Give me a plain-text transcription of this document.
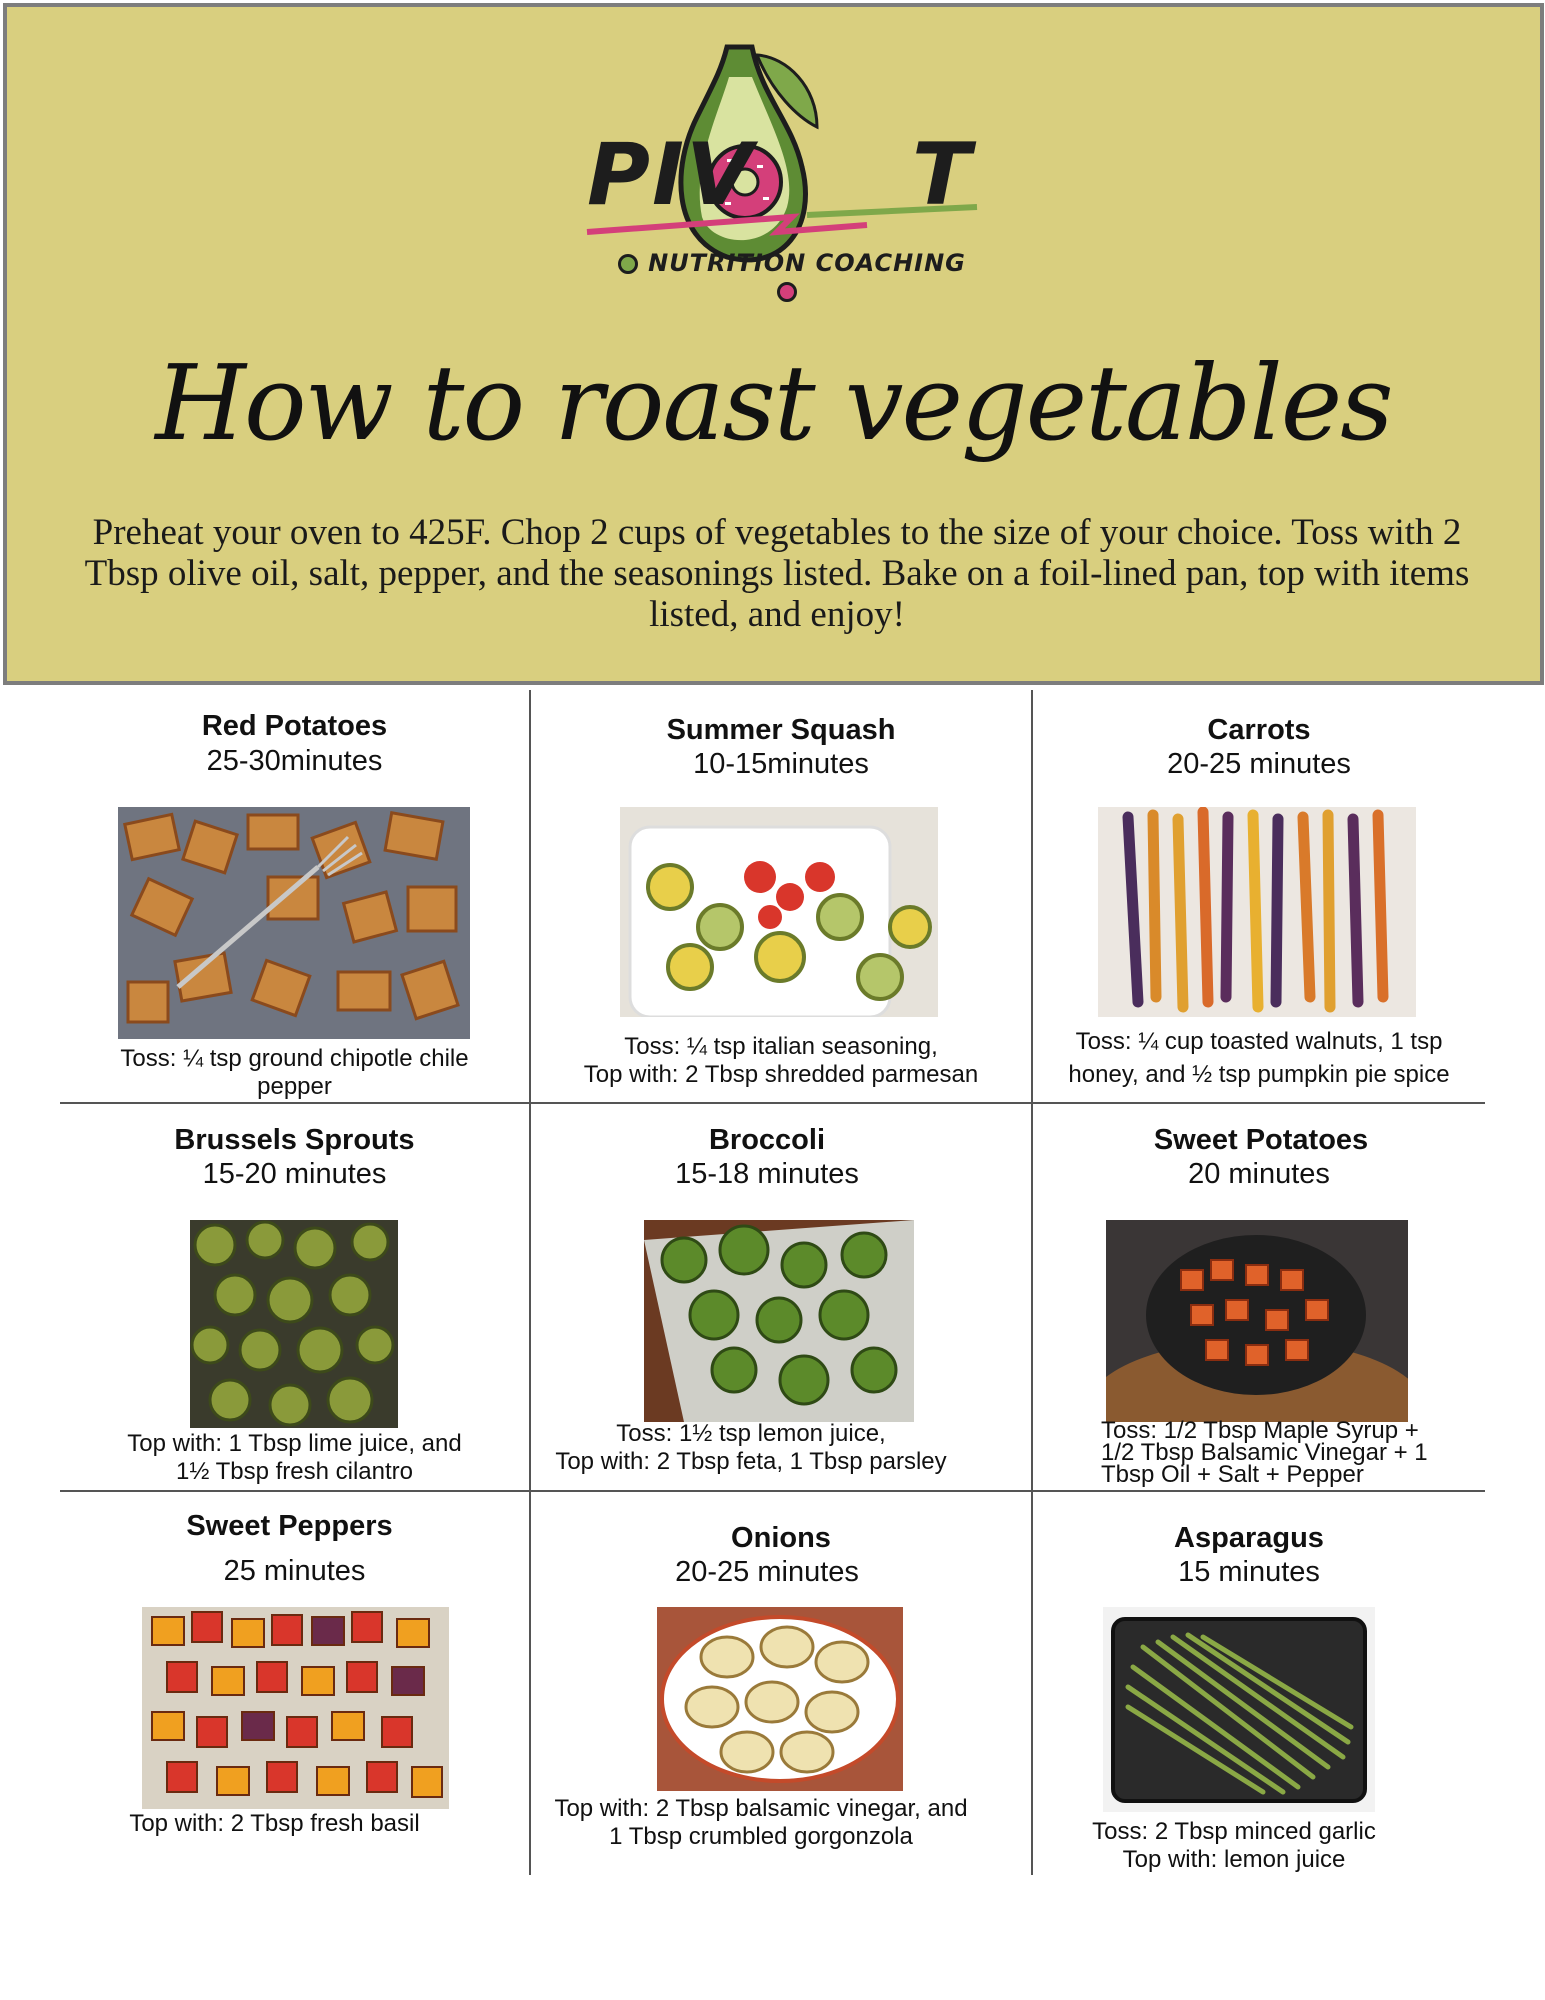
PIV T
NUTRITION COACHING
How to roast vegetables
Preheat your oven to 425F. Chop 2 cups of vegetables to the size of your choice. Toss with 2 Tbsp olive oil, salt, pepper, and the seasonings listed. Bake on a foil-lined pan, top with items listed, and enjoy!
Red Potatoes
25-30minutes
Toss: ¼ tsp ground chipotle chile
pepper
Summer Squash
10-15minutes
Toss: ¼ tsp italian seasoning,
Top with: 2 Tbsp shredded parmesan
Carrots
20-25 minutes
Toss: ¼ cup toasted walnuts, 1 tsp
honey, and ½ tsp pumpkin pie spice
Brussels Sprouts
15-20 minutes
Top with: 1 Tbsp lime juice, and
1½ Tbsp fresh cilantro
Broccoli
15-18 minutes
Toss: 1½ tsp lemon juice,
Top with: 2 Tbsp feta, 1 Tbsp parsley
Sweet Potatoes
20 minutes
Toss: 1/2 Tbsp Maple Syrup +
1/2 Tbsp Balsamic Vinegar + 1
Tbsp Oil + Salt + Pepper
Sweet Peppers
25 minutes
Top with: 2 Tbsp fresh basil
Onions
20-25 minutes
Top with: 2 Tbsp balsamic vinegar, and
1 Tbsp crumbled gorgonzola
Asparagus
15 minutes
Toss: 2 Tbsp minced garlic
Top with: lemon juice
